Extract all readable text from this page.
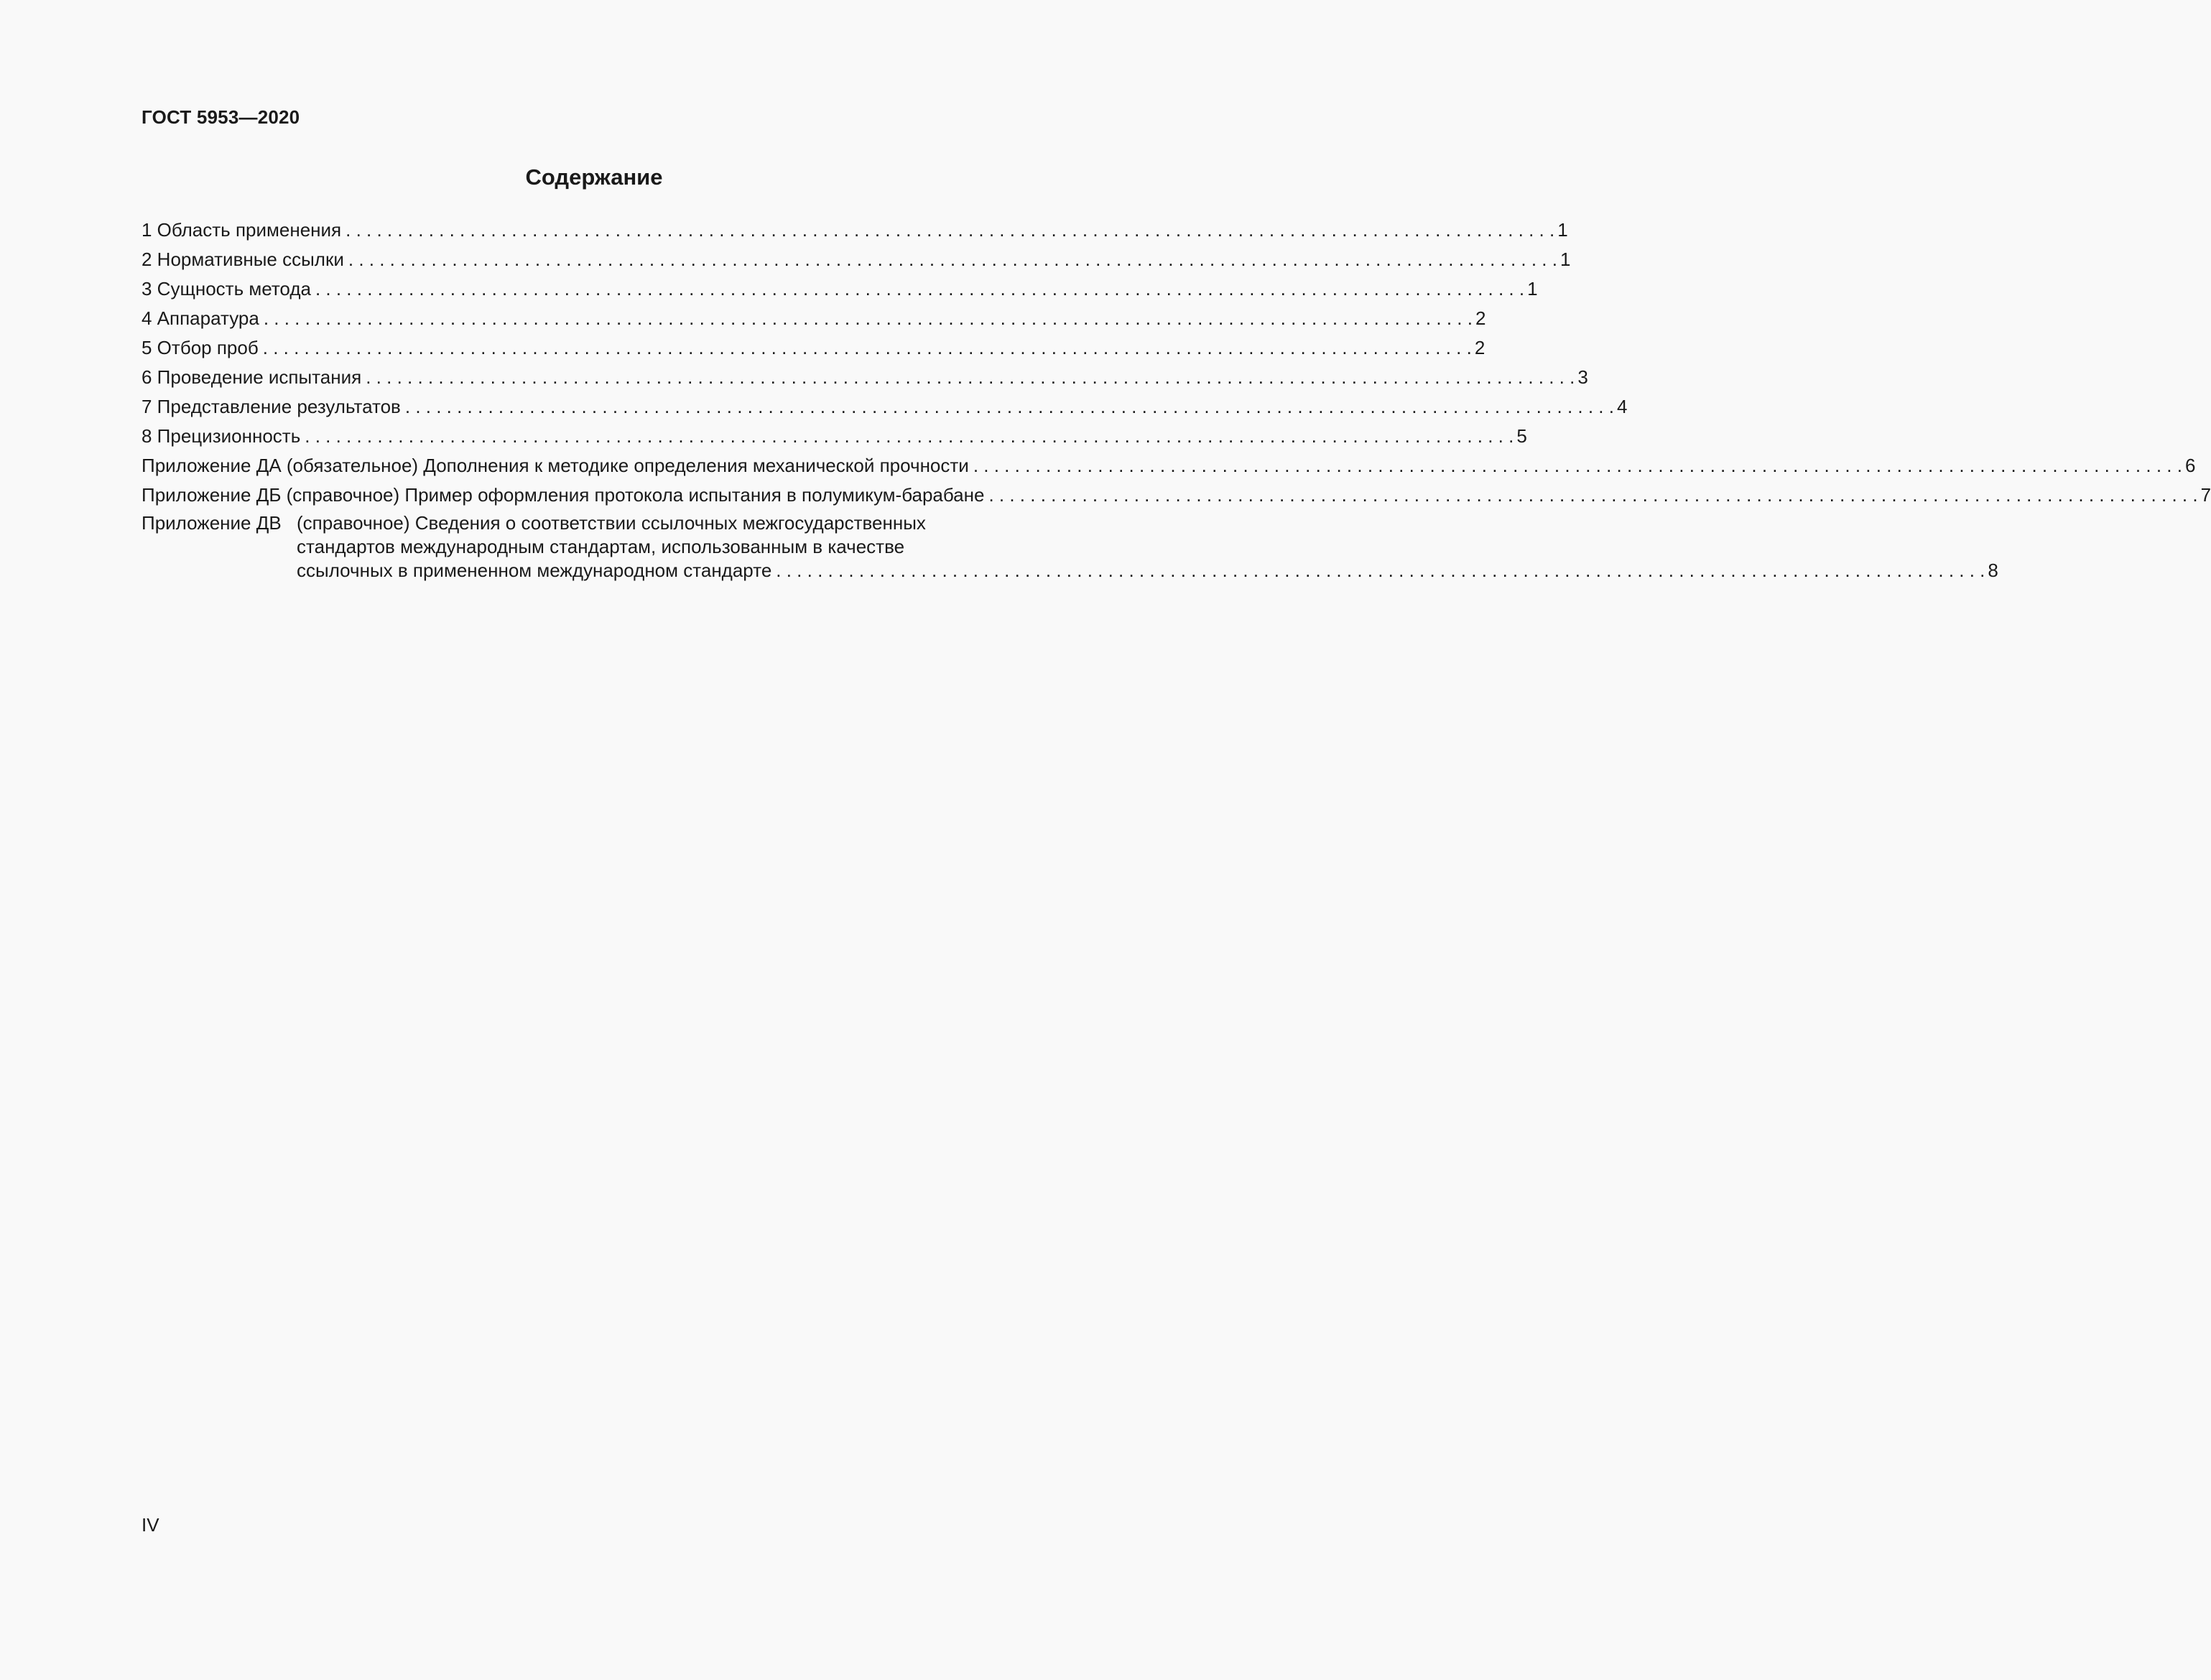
ГОСТ 5953—2020
Содержание
1 Область применения . . .	1
2 Нормативные ссылки . . .	1
3 Сущность метода . . .	1
4 Аппаратура . . .	2
5 Отбор проб . . .	2
6 Проведение испытания . . .	3
7 Представление результатов . . .	4
8 Прецизионность . . .	5
Приложение ДА (обязательное) Дополнения к методике определения механической прочности . . .	6
Приложение ДБ (справочное) Пример оформления протокола испытания в полумикум-барабане . . .	7
Приложение ДВ (справочное) Сведения о соответствии ссылочных межгосударственных
стандартов международным стандартам, использованным в качестве
ссылочных в примененном международном стандарте . . .	8
IV
